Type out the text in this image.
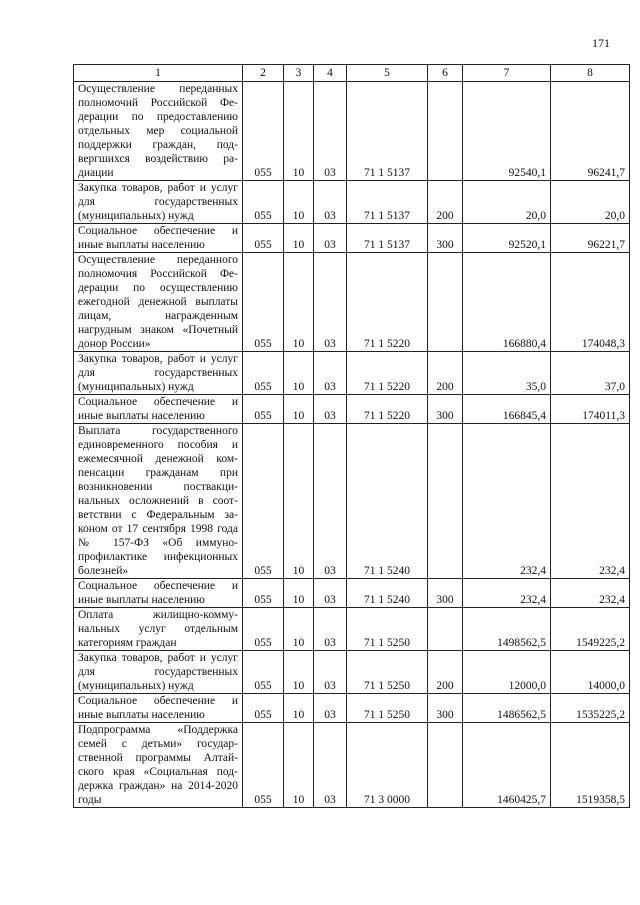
171
1	2	3	4	5	6	7	8
Осуществление переданных полномочий Российской Федерации по предоставлению отдельных мер социальной поддержки граждан, подвергшихся воздействию радиации	055	10	03	71 1 5137		92540,1	96241,7
Закупка товаров, работ и услуг для государственных (муниципальных) нужд	055	10	03	71 1 5137	200	20,0	20,0
Социальное обеспечение и иные выплаты населению	055	10	03	71 1 5137	300	92520,1	96221,7
Осуществление переданного полномочия Российской Федерации по осуществлению ежегодной денежной выплаты лицам, награжденным нагрудным знаком «Почетный донор России»	055	10	03	71 1 5220		166880,4	174048,3
Закупка товаров, работ и услуг для государственных (муниципальных) нужд	055	10	03	71 1 5220	200	35,0	37,0
Социальное обеспечение и иные выплаты населению	055	10	03	71 1 5220	300	166845,4	174011,3
Выплата государственного единовременного пособия и ежемесячной денежной компенсации гражданам при возникновении поствакцинальных осложнений в соответствии с Федеральным законом от 17 сентября 1998 года № 157-ФЗ «Об иммунопрофилактике инфекционных болезней»	055	10	03	71 1 5240		232,4	232,4
Социальное обеспечение и иные выплаты населению	055	10	03	71 1 5240	300	232,4	232,4
Оплата жилищно-коммунальных услуг отдельным категориям граждан	055	10	03	71 1 5250		1498562,5	1549225,2
Закупка товаров, работ и услуг для государственных (муниципальных) нужд	055	10	03	71 1 5250	200	12000,0	14000,0
Социальное обеспечение и иные выплаты населению	055	10	03	71 1 5250	300	1486562,5	1535225,2
Подпрограмма «Поддержка семей с детьми» государственной программы Алтайского края «Социальная поддержка граждан» на 2014-2020 годы	055	10	03	71 3 0000		1460425,7	1519358,5
